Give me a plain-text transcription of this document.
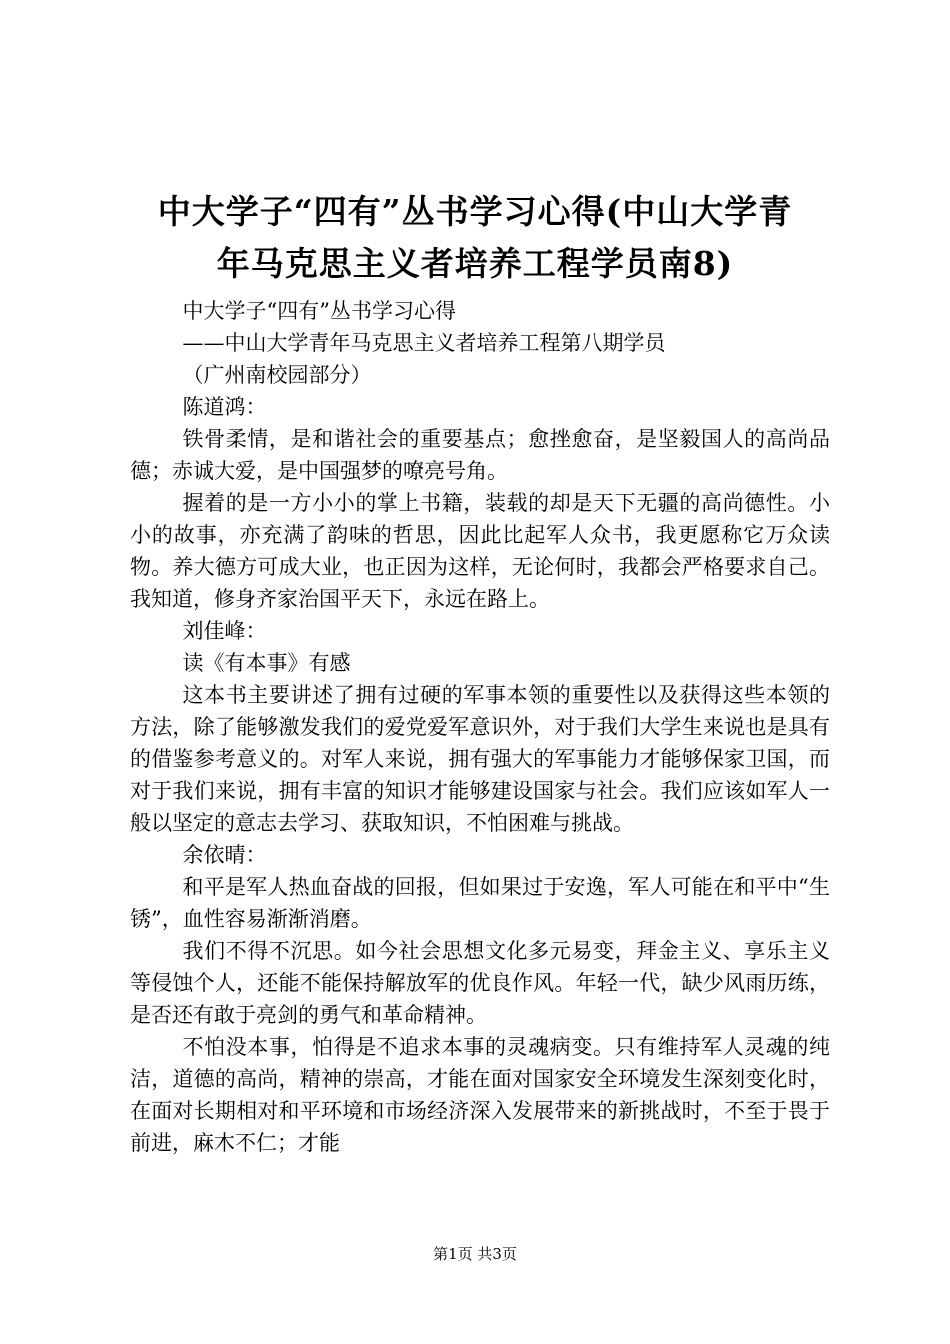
中大学子“四有”丛书学习心得(中山大学青
年马克思主义者培养工程学员南8)

中大学子“四有”丛书学习心得

——中山大学青年马克思主义者培养工程第八期学员

（广州南校园部分）

陈道鸿：

铁骨柔情，是和谐社会的重要基点；愈挫愈奋，是坚毅国人的高尚品德；赤诚大爱，是中国强梦的嘹亮号角。

握着的是一方小小的掌上书籍，装载的却是天下无疆的高尚德性。小小的故事，亦充满了韵味的哲思，因此比起军人众书，我更愿称它万众读物。养大德方可成大业，也正因为这样，无论何时，我都会严格要求自己。我知道，修身齐家治国平天下，永远在路上。

刘佳峰：

读《有本事》有感

这本书主要讲述了拥有过硬的军事本领的重要性以及获得这些本领的方法，除了能够激发我们的爱党爱军意识外，对于我们大学生来说也是具有的借鉴参考意义的。对军人来说，拥有强大的军事能力才能够保家卫国，而对于我们来说，拥有丰富的知识才能够建设国家与社会。我们应该如军人一般以坚定的意志去学习、获取知识，不怕困难与挑战。

余依晴：

和平是军人热血奋战的回报，但如果过于安逸，军人可能在和平中“生锈”，血性容易渐渐消磨。

我们不得不沉思。如今社会思想文化多元易变，拜金主义、享乐主义等侵蚀个人，还能不能保持解放军的优良作风。年轻一代，缺少风雨历练，是否还有敢于亮剑的勇气和革命精神。

不怕没本事，怕得是不追求本事的灵魂病变。只有维持军人灵魂的纯洁，道德的高尚，精神的崇高，才能在面对国家安全环境发生深刻变化时，在面对长期相对和平环境和市场经济深入发展带来的新挑战时，不至于畏于前进，麻木不仁；才能

第1页 共3页
